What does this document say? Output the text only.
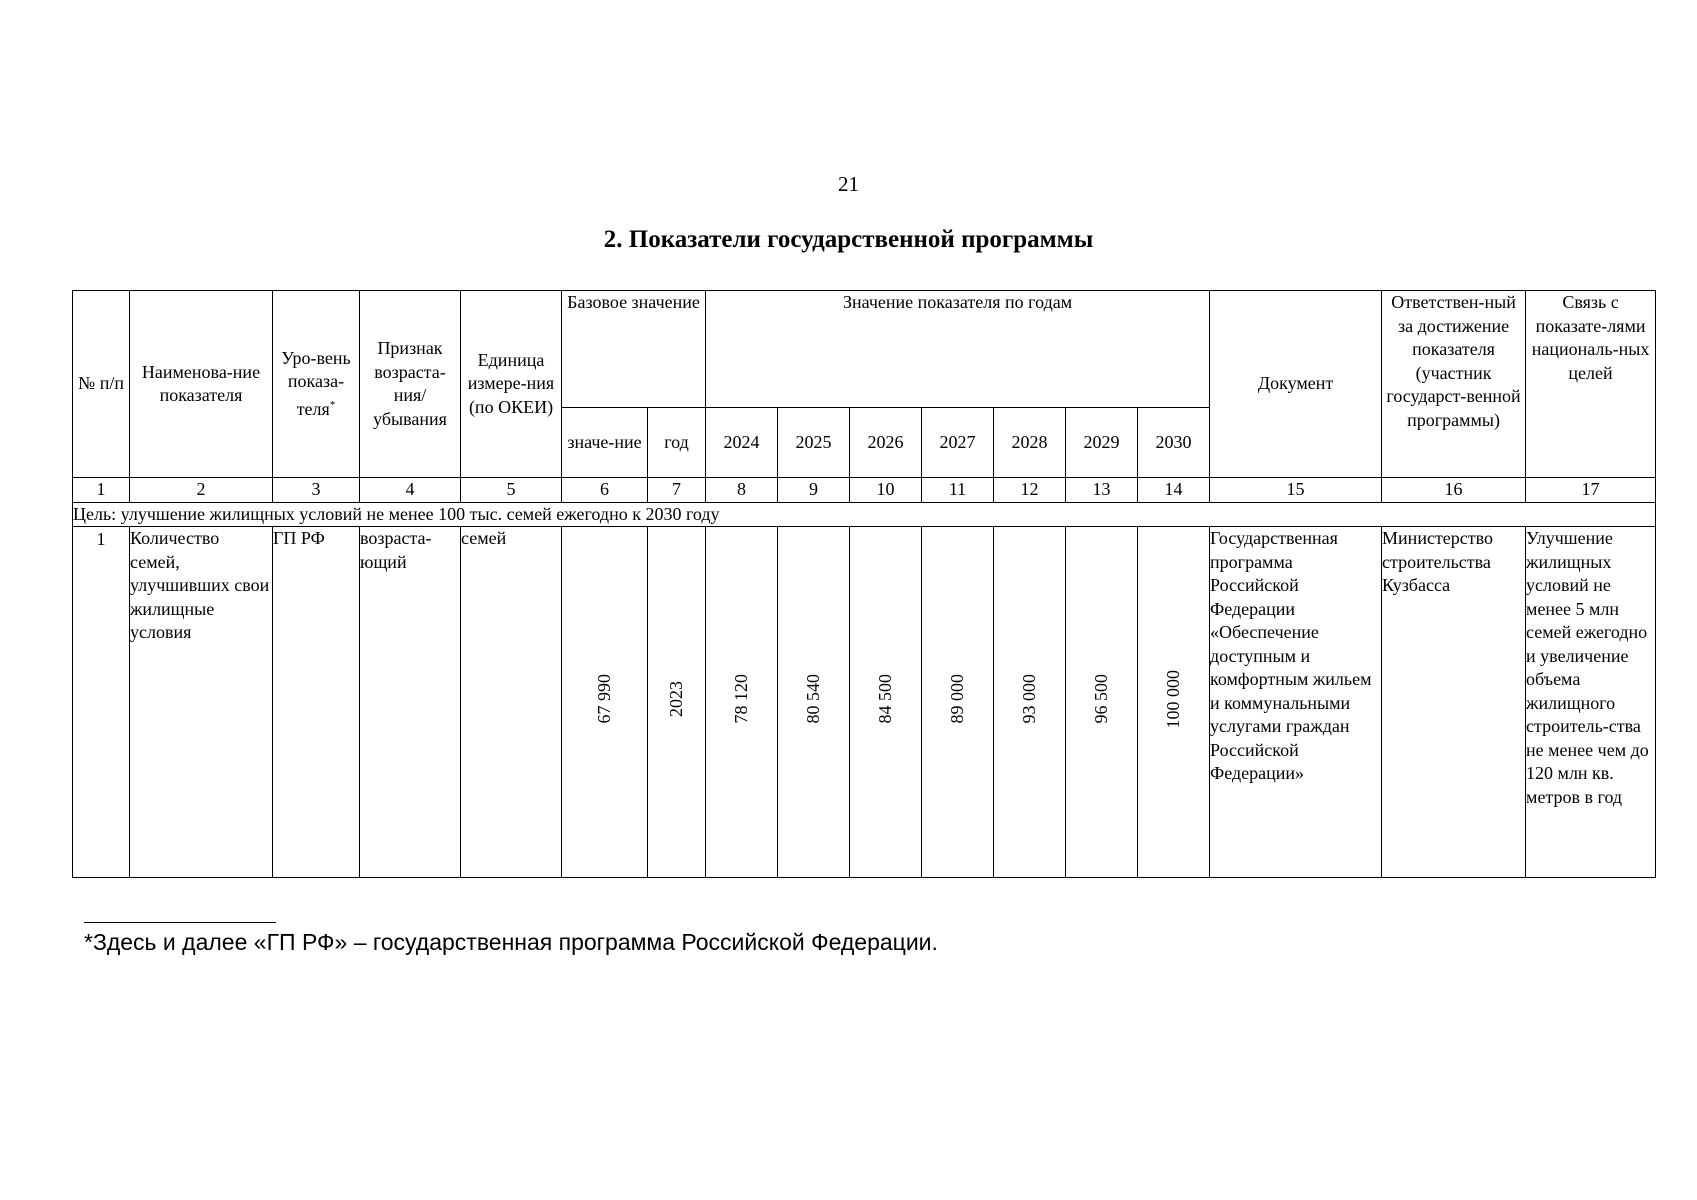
21
2. Показатели государственной программы
№ п/п	Наименова-ние показателя	Уро-вень показа-теля*	Признак возраста-ния/ убывания	Единица измере-ния (по ОКЕИ)	Базовое значение		Значение показателя по годам							Документ	Ответствен-ный за достижение показателя (участник государст-венной программы)	Связь с показате-лями националь-ных целей
					значе-ние	год	2024	2025	2026	2027	2028	2029	2030			
1	2	3	4	5	6	7	8	9	10	11	12	13	14	15	16	17
Цель: улучшение жилищных условий не менее 100 тыс. семей ежегодно к 2030 году																
1	Количество семей, улучшивших свои жилищные условия	ГП РФ	возраста-ющий	семей	67 990	2023	78 120	80 540	84 500	89 000	93 000	96 500	100 000	Государственная программа Российской Федерации «Обеспечение доступным и комфортным жильем и коммунальными услугами граждан Российской Федерации»	Министерство строительства Кузбасса	Улучшение жилищных условий не менее 5 млн семей ежегодно и увеличение объема жилищного строитель-ства не менее чем до 120 млн кв. метров в год
*Здесь и далее «ГП РФ» – государственная программа Российской Федерации.
